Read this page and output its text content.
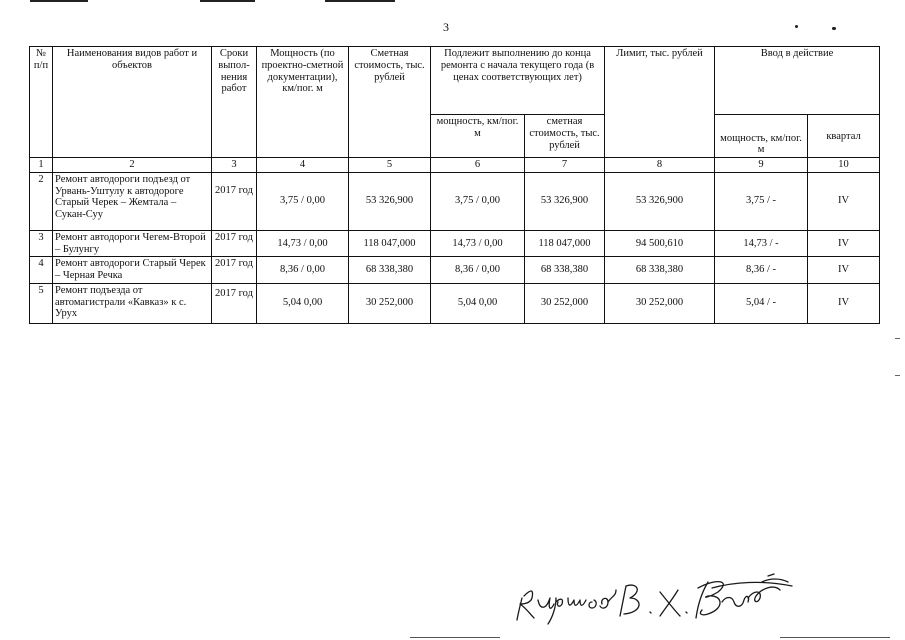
3
№ п/п	Наименования видов работ и объектов	Сроки выпол-нения работ	Мощность (по проектно-сметной документации), км/пог. м	Сметная стоимость, тыс. рублей	Подлежит выполнению до конца ремонта с начала текущего года (в ценах соответствующих лет)		Лимит, тыс. рублей	Ввод в действие	
					мощность, км/пог. м	сметная стоимость, тыс. рублей		мощность, км/пог. м	квартал
1	2	3	4	5	6	7	8	9	10
2	Ремонт автодороги подъезд от Урвань-Уштулу к автодороге Старый Черек – Жемтала – Сукан-Суу	2017 год	3,75 / 0,00	53 326,900	3,75 / 0,00	53 326,900	53 326,900	3,75 / -	IV
3	Ремонт автодороги Чегем-Второй – Булунгу	2017 год	14,73 / 0,00	118 047,000	14,73 / 0,00	118 047,000	94 500,610	14,73 / -	IV
4	Ремонт автодороги Старый Черек – Черная Речка	2017 год	8,36 / 0,00	68 338,380	8,36 / 0,00	68 338,380	68 338,380	8,36 / -	IV
5	Ремонт подъезда от автомагистрали «Кавказ» к с. Урух	2017 год	5,04 0,00	30 252,000	5,04 0,00	30 252,000	30 252,000	5,04 / -	IV
